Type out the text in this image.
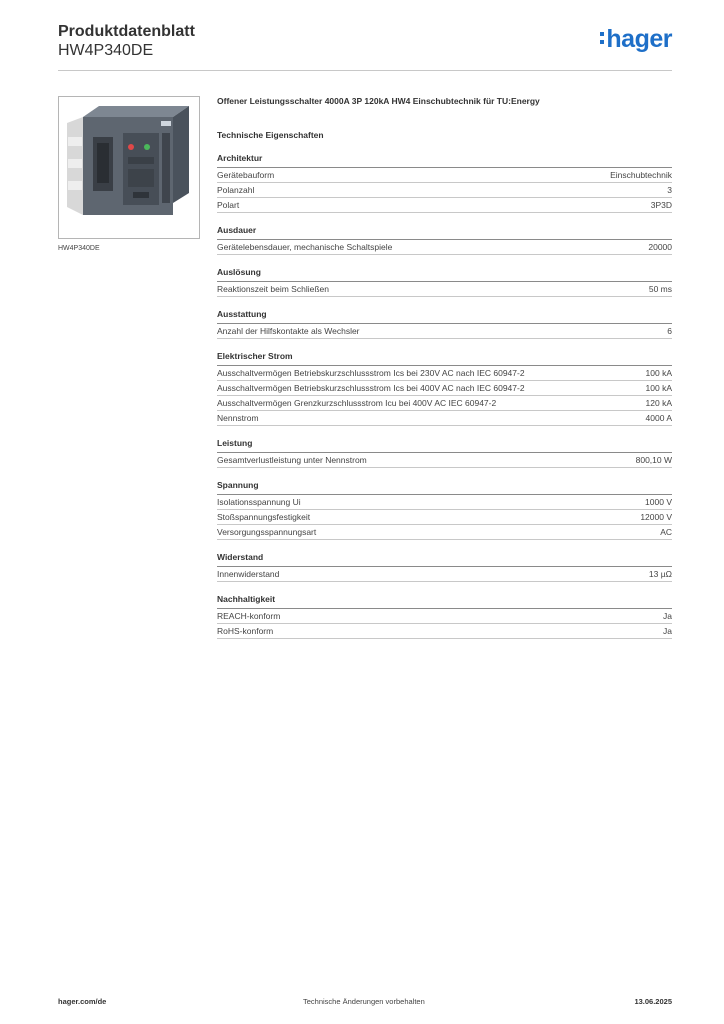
Produktdatenblatt
HW4P340DE	hager
HW4P340DE
Offener Leistungsschalter 4000A 3P 120kA HW4 Einschubtechnik für TU:Energy
Technische Eigenschaften
Architektur
Gerätebauform	Einschubtechnik
Polanzahl	3
Polart	3P3D
Ausdauer
Gerätelebensdauer, mechanische Schaltspiele	20000
Auslösung
Reaktionszeit beim Schließen	50 ms
Ausstattung
Anzahl der Hilfskontakte als Wechsler	6
Elektrischer Strom
Ausschaltvermögen Betriebskurzschlussstrom Ics bei 230V AC nach IEC 60947-2	100 kA
Ausschaltvermögen Betriebskurzschlussstrom Ics bei 400V AC nach IEC 60947-2	100 kA
Ausschaltvermögen Grenzkurzschlussstrom Icu bei 400V AC IEC 60947-2	120 kA
Nennstrom	4000 A
Leistung
Gesamtverlustleistung unter Nennstrom	800,10 W
Spannung
Isolationsspannung Ui	1000 V
Stoßspannungsfestigkeit	12000 V
Versorgungsspannungsart	AC
Widerstand
Innenwiderstand	13 µΩ
Nachhaltigkeit
REACH-konform	Ja
RoHS-konform	Ja
hager.com/de	Technische Änderungen vorbehalten	13.06.2025
